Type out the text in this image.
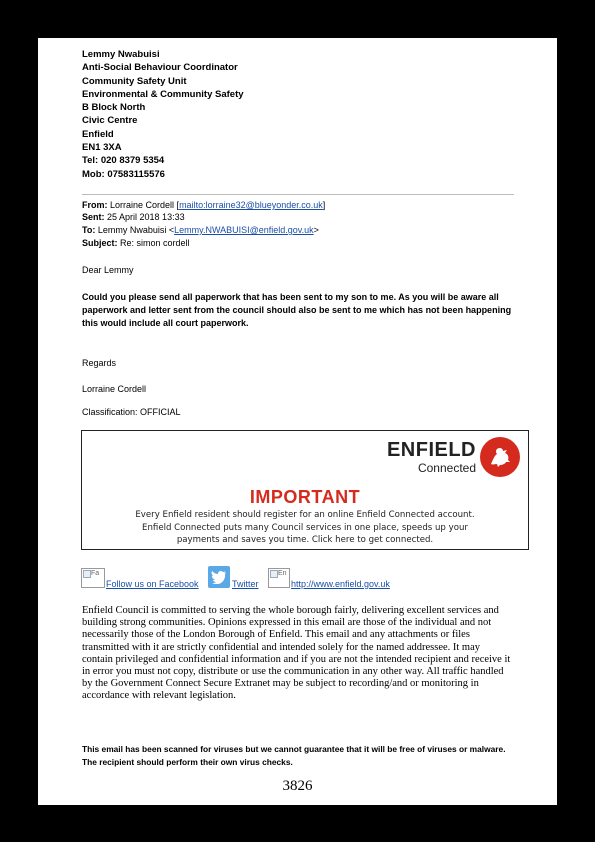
Lemmy Nwabuisi
Anti-Social Behaviour Coordinator
Community Safety Unit
Environmental & Community Safety
B Block North
Civic Centre
Enfield
EN1 3XA
Tel: 020 8379 5354
Mob: 07583115576
From: Lorraine Cordell [mailto:lorraine32@blueyonder.co.uk]
Sent: 25 April 2018 13:33
To: Lemmy Nwabuisi <Lemmy.NWABUISI@enfield.gov.uk>
Subject: Re: simon cordell
Dear Lemmy
Could you please send all paperwork that has been sent to my son to me. As you will be aware all paperwork and letter sent from the council should also be sent to me which has not been happening this would include all court paperwork.
Regards
Lorraine Cordell
Classification: OFFICIAL
ENFIELD
Connected
IMPORTANT
Every Enfield resident should register for an online Enfield Connected account.
Enfield Connected puts many Council services in one place, speeds up your
payments and saves you time. Click here to get connected.
Fa
Follow us on Facebook	Twitter
En
http://www.enfield.gov.uk
Enfield Council is committed to serving the whole borough fairly, delivering excellent services and building strong communities. Opinions expressed in this email are those of the individual and not necessarily those of the London Borough of Enfield. This email and any attachments or files transmitted with it are strictly confidential and intended solely for the named addressee. It may contain privileged and confidential information and if you are not the intended recipient and receive it in error you must not copy, distribute or use the communication in any other way. All traffic handled by the Government Connect Secure Extranet may be subject to recording/and or monitoring in accordance with relevant legislation.
This email has been scanned for viruses but we cannot guarantee that it will be free of viruses or malware. The recipient should perform their own virus checks.
3826
